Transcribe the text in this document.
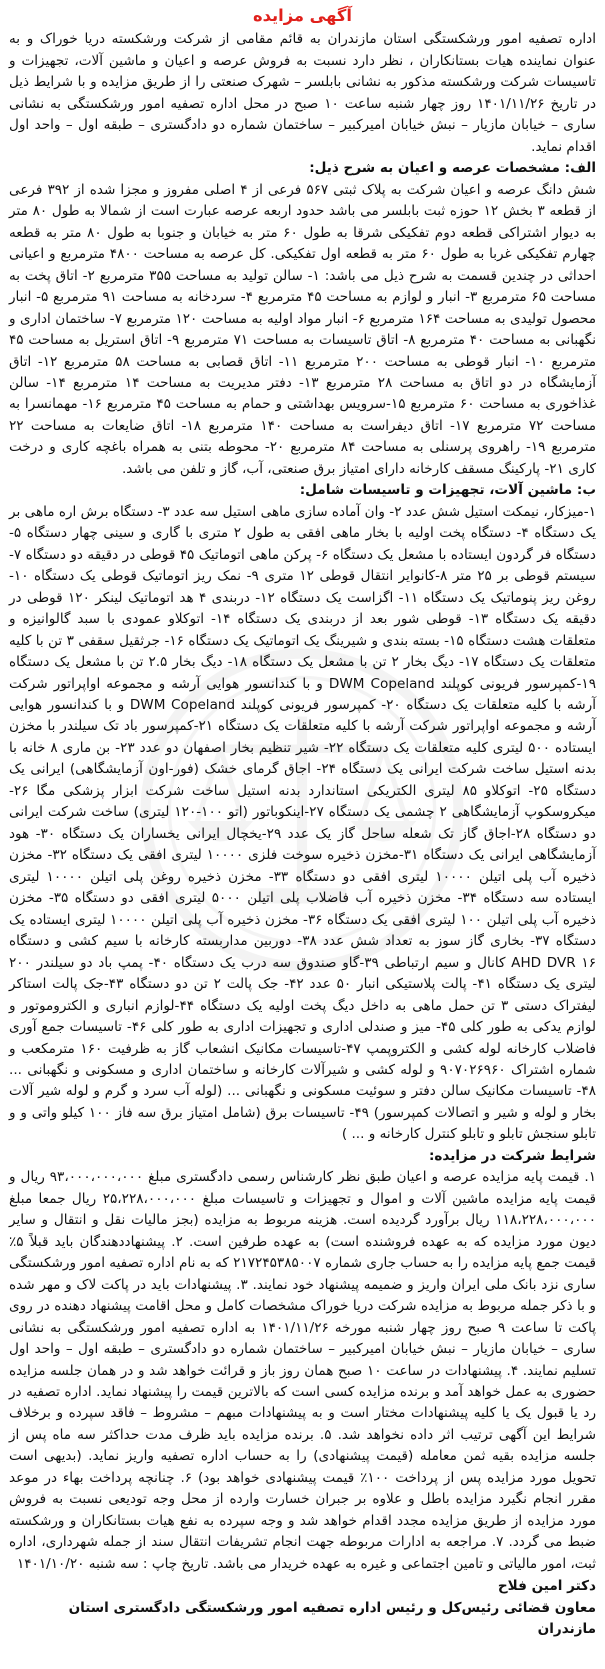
آگهی مزایده

اداره تصفیه امور ورشکستگی استان مازندران به قائم مقامی از شرکت ورشکسته دریا خوراک و به عنوان نماینده هیات بستانکاران ، نظر دارد نسبت به فروش عرصه و اعیان و ماشین آلات، تجهیزات و تاسیسات شرکت ورشکسته مذکور به نشانی بابلسر – شهرک صنعتی را از طریق مزایده و با شرایط ذیل در تاریخ ۱۴۰۱/۱۱/۲۶ روز چهار شنبه ساعت ۱۰ صبح در محل اداره تصفیه امور ورشکستگی به نشانی ساری – خیابان مازیار – نبش خیابان امیرکبیر – ساختمان شماره دو دادگستری – طبقه اول – واحد اول اقدام نماید.

الف: مشخصات عرصه و اعیان به شرح ذیل:

شش دانگ عرصه و اعیان شرکت به پلاک ثبتی ۵۶۷ فرعی از ۴ اصلی مفروز و مجزا شده از ۳۹۲ فرعی از قطعه ۳ بخش ۱۲ حوزه ثبت بابلسر می باشد حدود اربعه عرصه عبارت است از شمالا به طول ۸۰ متر به دیوار اشتراکی قطعه دوم تفکیکی شرقا به طول ۶۰ متر به خیابان و جنوبا به طول ۸۰ متر به قطعه چهارم تفکیکی غربا به طول ۶۰ متر به قطعه اول تفکیکی. کل عرصه به مساحت ۴۸۰۰ مترمربع و اعیانی احداثی در چندین قسمت به شرح ذیل می باشد: ۱- سالن تولید به مساحت ۳۵۵ مترمربع ۲- اتاق پخت به مساحت ۶۵ مترمربع ۳- انبار و لوازم به مساحت ۴۵ مترمربع ۴- سردخانه به مساحت ۹۱ مترمربع ۵- انبار محصول تولیدی به مساحت ۱۶۴ مترمربع ۶- انبار مواد اولیه به مساحت ۱۲۰ مترمربع ۷- ساختمان اداری و نگهبانی به مساحت ۴۰ مترمربع ۸- اتاق تاسیسات به مساحت ۷۱ مترمربع ۹- اتاق استریل به مساحت ۴۵ مترمربع ۱۰- انبار قوطی به مساحت ۲۰۰ مترمربع ۱۱- اتاق قصابی به مساحت ۵۸ مترمربع ۱۲- اتاق آزمایشگاه در دو اتاق به مساحت ۲۸ مترمربع ۱۳- دفتر مدیریت به مساحت ۱۴ مترمربع ۱۴- سالن غذاخوری به مساحت ۶۰ مترمربع ۱۵-سرویس بهداشتی و حمام به مساحت ۴۵ مترمربع ۱۶- مهمانسرا به مساحت ۷۲ مترمربع ۱۷- اتاق دیفراست به مساحت ۱۴۰ مترمربع ۱۸- اتاق ضایعات به مساحت ۲۲ مترمربع ۱۹- راهروی پرسنلی به مساحت ۸۴ مترمربع ۲۰- محوطه بتنی به همراه باغچه کاری و درخت کاری ۲۱- پارکینگ مسقف کارخانه دارای امتیاز برق صنعتی، آب، گاز و تلفن می باشد.

ب: ماشین آلات، تجهیزات و تاسیسات شامل:

۱-میزکار، نیمکت استیل شش عدد ۲- وان آماده سازی ماهی استیل سه عدد ۳- دستگاه برش اره ماهی بر یک دستگاه ۴- دستگاه پخت اولیه با بخار ماهی افقی به طول ۲ متری با گاری و سینی چهار دستگاه ۵- دستگاه فر گردون ایستاده با مشعل یک دستگاه ۶- پرکن ماهی اتوماتیک ۴۵ قوطی در دقیقه دو دستگاه ۷- سیستم قوطی بر ۲۵ متر ۸-کانوایر انتقال قوطی ۱۲ متری ۹- نمک ریز اتوماتیک قوطی یک دستگاه ۱۰- روغن ریز پنوماتیک یک دستگاه ۱۱- اگزاست یک دستگاه ۱۲- دربندی ۴ هد اتوماتیک لینکر ۱۲۰ قوطی در دقیقه یک دستگاه ۱۳- قوطی شور بعد از دربندی یک دستگاه ۱۴- اتوکلاو عمودی با سبد گالوانیزه و متعلقات هشت دستگاه ۱۵- بسته بندی و شیرینگ یک اتوماتیک یک دستگاه ۱۶- جرثقیل سقفی ۳ تن با کلیه متعلقات یک دستگاه ۱۷- دیگ بخار ۲ تن با مشعل یک دستگاه ۱۸- دیگ بخار ۲.۵ تن با مشعل یک دستگاه ۱۹-کمپرسور فریونی کوپلند DWM Copeland و با کندانسور هوایی آرشه و مجموعه اواپراتور شرکت آرشه با کلیه متعلقات یک دستگاه ۲۰- کمپرسور فریونی کوپلند DWM Copeland و با کندانسور هوایی آرشه و مجموعه اواپراتور شرکت آرشه با کلیه متعلقات یک دستگاه ۲۱-کمپرسور باد تک سیلندر با مخزن ایستاده ۵۰۰ لیتری کلیه متعلقات یک دستگاه ۲۲- شیر تنظیم بخار اصفهان دو عدد ۲۳- بن ماری ۸ خانه با بدنه استیل ساخت شرکت ایرانی یک دستگاه ۲۴- اجاق گرمای خشک (فور-اون آزمایشگاهی) ایرانی یک دستگاه ۲۵- اتوکلاو ۸۵ لیتری الکتریکی استاندارد بدنه استیل ساخت شرکت ابزار پزشکی مگا ۲۶-میکروسکوپ آزمایشگاهی ۲ چشمی یک دستگاه ۲۷-اینکوباتور (اتو ۱۰۰-۱۲۰ لیتری) ساخت شرکت ایرانی دو دستگاه ۲۸-اجاق گاز تک شعله ساحل گاز یک عدد ۲۹-یخچال ایرانی یخساران یک دستگاه ۳۰- هود آزمایشگاهی ایرانی یک دستگاه ۳۱-مخزن ذخیره سوخت فلزی ۱۰۰۰۰ لیتری افقی یک دستگاه ۳۲- مخزن ذخیره آب پلی اتیلن ۱۰۰۰۰ لیتری افقی دو دستگاه ۳۳- مخزن ذخیره روغن پلی اتیلن ۱۰۰۰۰ لیتری ایستاده سه دستگاه ۳۴- مخزن ذخیره آب فاضلاب پلی اتیلن ۵۰۰۰ لیتری افقی دو دستگاه ۳۵- مخزن ذخیره آب پلی اتیلن ۱۰۰ لیتری افقی یک دستگاه ۳۶- مخزن ذخیره آب پلی اتیلن ۱۰۰۰۰ لیتری ایستاده یک دستگاه ۳۷- بخاری گاز سوز به تعداد شش عدد ۳۸- دوربین مداربسته کارخانه با سیم کشی و دستگاه AHD DVR ۱۶ کانال و سیم ارتباطی ۳۹-گاو صندوق سه درب یک دستگاه ۴۰- پمپ باد دو سیلندر ۲۰۰ لیتری یک دستگاه ۴۱- پالت پلاستیکی انبار ۵۰ عدد ۴۲- جک پالت ۲ تن دو دستگاه ۴۳-جک پالت استاکر لیفتراک دستی ۳ تن حمل ماهی به داخل دیگ پخت اولیه یک دستگاه ۴۴-لوازم انباری و الکتروموتور و لوازم یدکی به طور کلی ۴۵- میز و صندلی اداری و تجهیزات اداری به طور کلی ۴۶- تاسیسات جمع آوری فاضلاب کارخانه لوله کشی و الکتروپمپ ۴۷-تاسیسات مکانیک انشعاب گاز به ظرفیت ۱۶۰ مترمکعب و شماره اشتراک ۹۰۷۰۲۶۹۶۰ و لوله کشی و شیرآلات کارخانه و ساختمان اداری و مسکونی و نگهبانی ... ۴۸- تاسیسات مکانیک سالن دفتر و سوئیت مسکونی و نگهبانی ... (لوله آب سرد و گرم و لوله شیر آلات بخار و لوله و شیر و اتصالات کمپرسور) ۴۹- تاسیسات برق (شامل امتیاز برق سه فاز ۱۰۰ کیلو واتی و و تابلو سنجش تابلو و تابلو کنترل کارخانه و ... )

شرایط شرکت در مزایده:

۱. قیمت پایه مزایده عرصه و اعیان طبق نظر کارشناس رسمی دادگستری مبلغ ۹۳،۰۰۰،۰۰۰،۰۰۰ ریال و قیمت پایه مزایده ماشین آلات و اموال و تجهیزات و تاسیسات مبلغ ۲۵،۲۲۸،۰۰۰،۰۰۰ ریال جمعا مبلغ ۱۱۸،۲۲۸،۰۰۰،۰۰۰ ریال برآورد گردیده است. هزینه مربوط به مزایده (بجز مالیات نقل و انتقال و سایر دیون مورد مزایده که به عهده فروشنده است) به عهده طرفین است. ۲. پیشنهاددهندگان باید قبلاً ۵٪ قیمت جمع پایه مزایده را به حساب جاری شماره ۲۱۷۲۴۵۳۸۵۰۰۷ که به نام اداره تصفیه امور ورشکستگی ساری نزد بانک ملی ایران واریز و ضمیمه پیشنهاد خود نمایند. ۳. پیشنهادات باید در پاکت لاک و مهر شده و با ذکر جمله مربوط به مزایده شرکت دریا خوراک مشخصات کامل و محل اقامت پیشنهاد دهنده در روی پاکت تا ساعت ۹ صبح روز چهار شنبه مورخه ۱۴۰۱/۱۱/۲۶ به اداره تصفیه امور ورشکستگی به نشانی ساری – خیابان مازیار – نبش خیابان امیرکبیر – ساختمان شماره دو دادگستری – طبقه اول – واحد اول تسلیم نمایند. ۴. پیشنهادات در ساعت ۱۰ صبح همان روز باز و قرائت خواهد شد و در همان جلسه مزایده حضوری به عمل خواهد آمد و برنده مزایده کسی است که بالاترین قیمت را پیشنهاد نماید. اداره تصفیه در رد یا قبول یک یا کلیه پیشنهادات مختار است و به پیشنهادات مبهم – مشروط – فاقد سپرده و برخلاف شرایط این آگهی ترتیب اثر داده نخواهد شد. ۵. برنده مزایده باید ظرف مدت حداکثر سه ماه پس از جلسه مزایده بقیه ثمن معامله (قیمت پیشنهادی) را به حساب اداره تصفیه واریز نماید. (بدیهی است تحویل مورد مزایده پس از پرداخت ۱۰۰٪ قیمت پیشنهادی خواهد بود) ۶. چنانچه پرداخت بهاء در موعد مقرر انجام نگیرد مزایده باطل و علاوه بر جبران خسارت وارده از محل وجه تودیعی نسبت به فروش مورد مزایده از طریق مزایده مجدد اقدام خواهد شد و وجه سپرده به نفع هیات بستانکاران و ورشکسته ضبط می گردد. ۷. مراجعه به ادارات مربوطه جهت انجام تشریفات انتقال سند از جمله شهرداری، اداره ثبت، امور مالیاتی و تامین اجتماعی و غیره به عهده خریدار می باشد. تاریخ چاپ : سه شنبه ۱۴۰۱/۱۰/۲۰

دکتر امین فلاح
معاون قضائی رئیس‌کل و رئیس اداره تصفیه امور ورشکستگی دادگستری استان مازندران
